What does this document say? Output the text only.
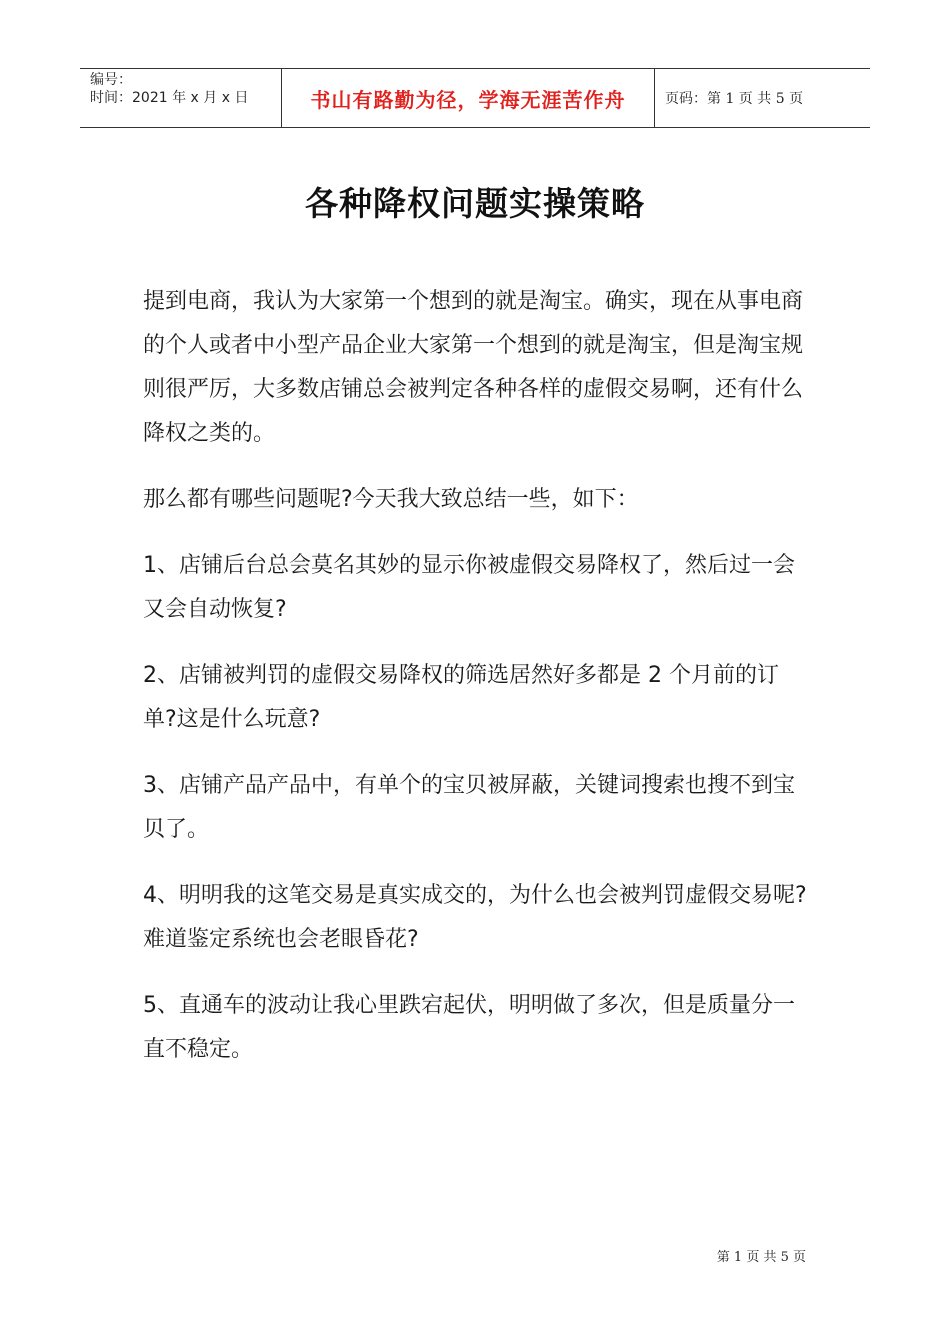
编号：
时间：2021 年 x 月 x 日	书山有路勤为径，学海无涯苦作舟	页码：第 1 页 共 5 页
各种降权问题实操策略

提到电商，我认为大家第一个想到的就是淘宝。确实，现在从事电商的个人或者中小型产品企业大家第一个想到的就是淘宝，但是淘宝规则很严厉，大多数店铺总会被判定各种各样的虚假交易啊，还有什么降权之类的。

那么都有哪些问题呢?今天我大致总结一些，如下：

1、店铺后台总会莫名其妙的显示你被虚假交易降权了，然后过一会又会自动恢复?

2、店铺被判罚的虚假交易降权的筛选居然好多都是 2 个月前的订单?这是什么玩意?

3、店铺产品产品中，有单个的宝贝被屏蔽，关键词搜索也搜不到宝贝了。

4、明明我的这笔交易是真实成交的，为什么也会被判罚虚假交易呢?难道鉴定系统也会老眼昏花?

5、直通车的波动让我心里跌宕起伏，明明做了多次，但是质量分一直不稳定。

第 1 页 共 5 页
